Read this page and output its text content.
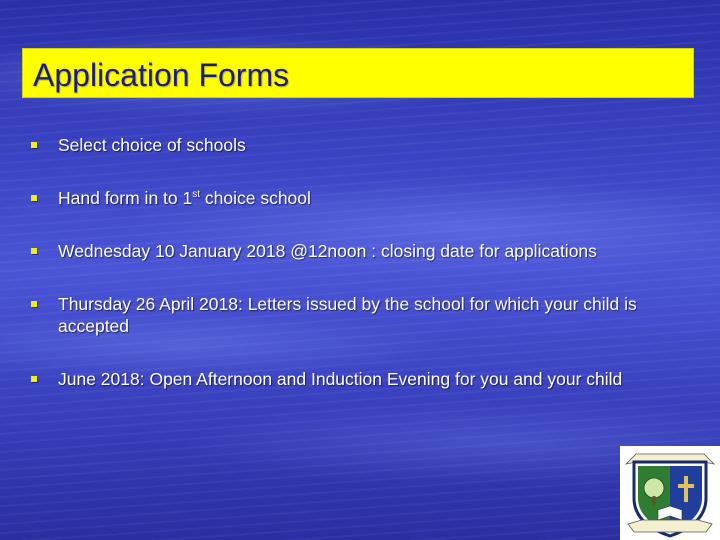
Application Forms
Select choice of schools
Hand form in to 1st choice school
Wednesday 10 January 2018 @12noon : closing date for applications
Thursday 26 April 2018: Letters issued by the school for which your child is accepted
June 2018: Open Afternoon and Induction Evening for you and your child
